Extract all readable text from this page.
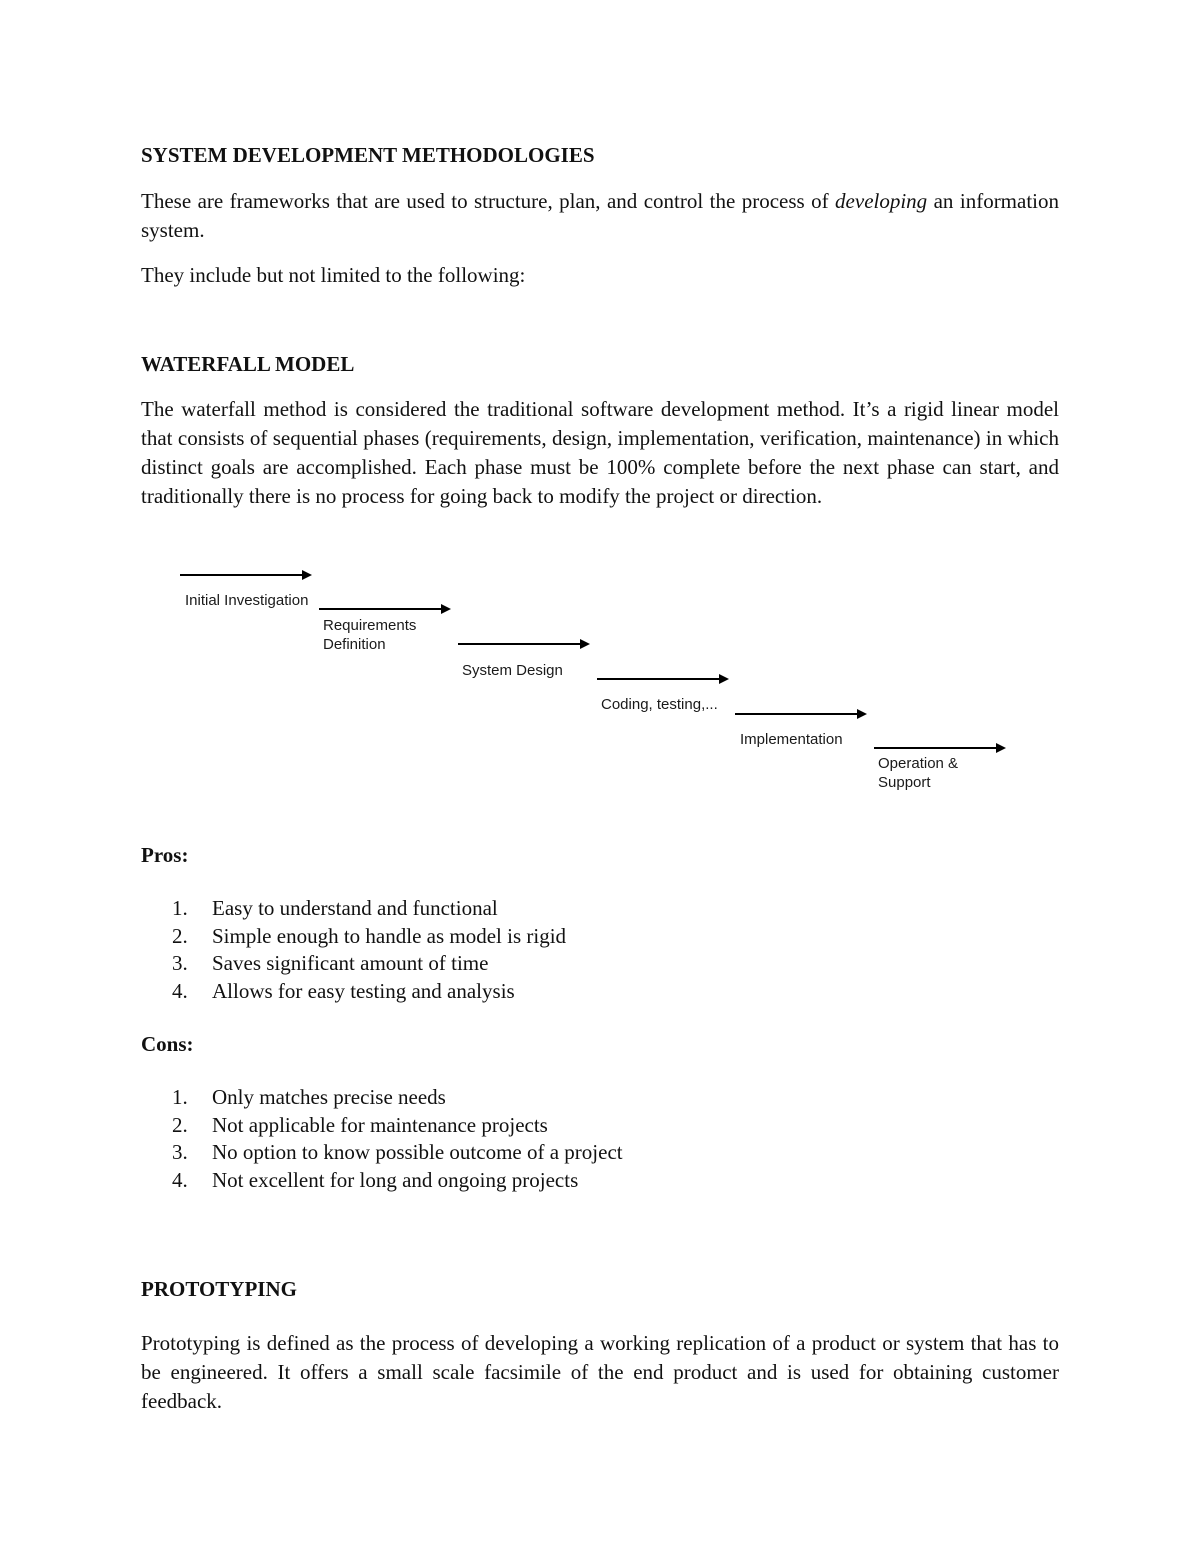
SYSTEM DEVELOPMENT METHODOLOGIES

These are frameworks that are used to structure, plan, and control the process of developing an information system.

They include but not limited to the following:

WATERFALL MODEL

The waterfall method is considered the traditional software development method. It’s a rigid linear model that consists of sequential phases (requirements, design, implementation, verification, maintenance) in which distinct goals are accomplished. Each phase must be 100% complete before the next phase can start, and traditionally there is no process for going back to modify the project or direction.

Initial Investigation

Requirements
Definition

System Design

Coding, testing,...

Implementation

Operation &
Support

Pros:

1.	Easy to understand and functional
2.	Simple enough to handle as model is rigid
3.	Saves significant amount of time
4.	Allows for easy testing and analysis

Cons:

1.	Only matches precise needs
2.	Not applicable for maintenance projects
3.	No option to know possible outcome of a project
4.	Not excellent for long and ongoing projects

PROTOTYPING

Prototyping is defined as the process of developing a working replication of a product or system that has to be engineered. It offers a small scale facsimile of the end product and is used for obtaining customer feedback.
